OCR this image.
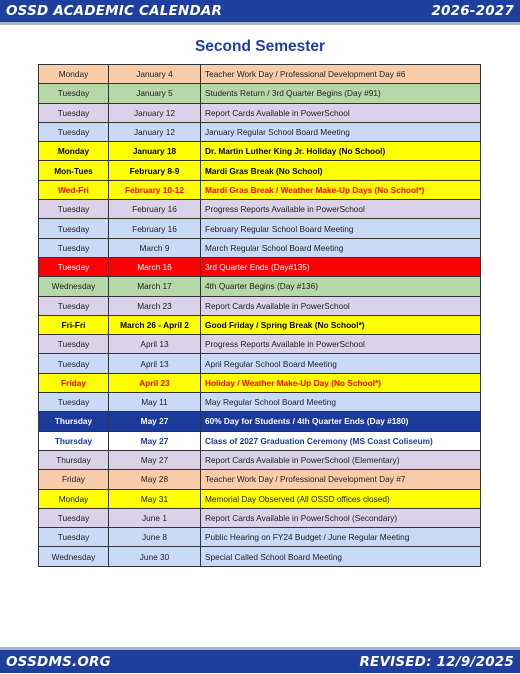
OSSD ACADEMIC CALENDAR	2026-2027
Second Semester
Monday	January 4	Teacher Work Day / Professional Development Day #6
Tuesday	January 5	Students Return / 3rd Quarter Begins (Day #91)
Tuesday	January 12	Report Cards Available in PowerSchool
Tuesday	January 12	January Regular School Board Meeting
Monday	January 18	Dr. Martin Luther King Jr. Holiday (No School)
Mon-Tues	February 8-9	Mardi Gras Break (No School)
Wed-Fri	February 10-12	Mardi Gras Break / Weather Make-Up Days (No School*)
Tuesday	February 16	Progress Reports Available in PowerSchool
Tuesday	February 16	February Regular School Board Meeting
Tuesday	March 9	March Regular School Board Meeting
Tuesday	March 16	3rd Quarter Ends (Day#135)
Wednesday	March 17	4th Quarter Begins (Day #136)
Tuesday	March 23	Report Cards Available in PowerSchool
Fri-Fri	March 26 - April 2	Good Friday / Spring Break (No School*)
Tuesday	April 13	Progress Reports Available in PowerSchool
Tuesday	April 13	April Regular School Board Meeting
Friday	April 23	Holiday / Weather Make-Up Day (No School*)
Tuesday	May 11	May Regular School Board Meeting
Thursday	May 27	60% Day for Students / 4th Quarter Ends (Day #180)
Thursday	May 27	Class of 2027 Graduation Ceremony (MS Coast Coliseum)
Thursday	May 27	Report Cards Available in PowerSchool (Elementary)
Friday	May 28	Teacher Work Day / Professional Development Day #7
Monday	May 31	Memorial Day Observed (All OSSD offices closed)
Tuesday	June 1	Report Cards Available in PowerSchool (Secondary)
Tuesday	June 8	Public Hearing on FY24 Budget / June Regular Meeting
Wednesday	June 30	Special Called School Board Meeting
OSSDMS.ORG	REVISED: 12/9/2025
